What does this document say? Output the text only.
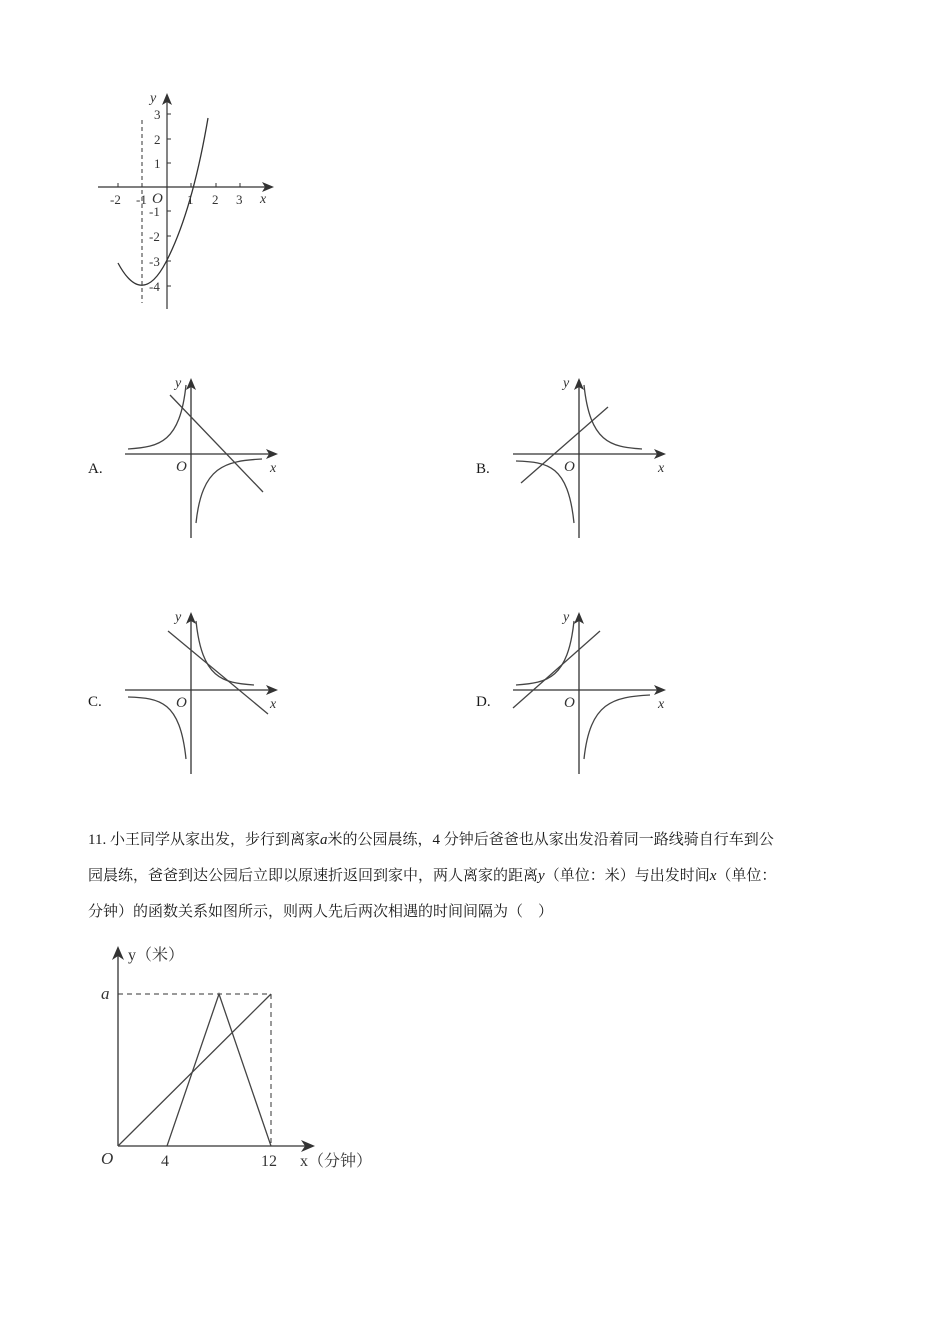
y
x
O
-2 -1	1 2 3
3
2
1
-1
-2
-3
-4
A.
y
x
O	B.
y
x
O
C.
y
x
O	D.
y
x
O

11. 小王同学从家出发，步行到离家a米的公园晨练，4 分钟后爸爸也从家出发沿着同一路线骑自行车到公

园晨练，爸爸到达公园后立即以原速折返回到家中，两人离家的距离y（单位：米）与出发时间x（单位：

分钟）的函数关系如图所示，则两人先后两次相遇的时间间隔为（　）

y（米）
x（分钟）
a
O	4	12
